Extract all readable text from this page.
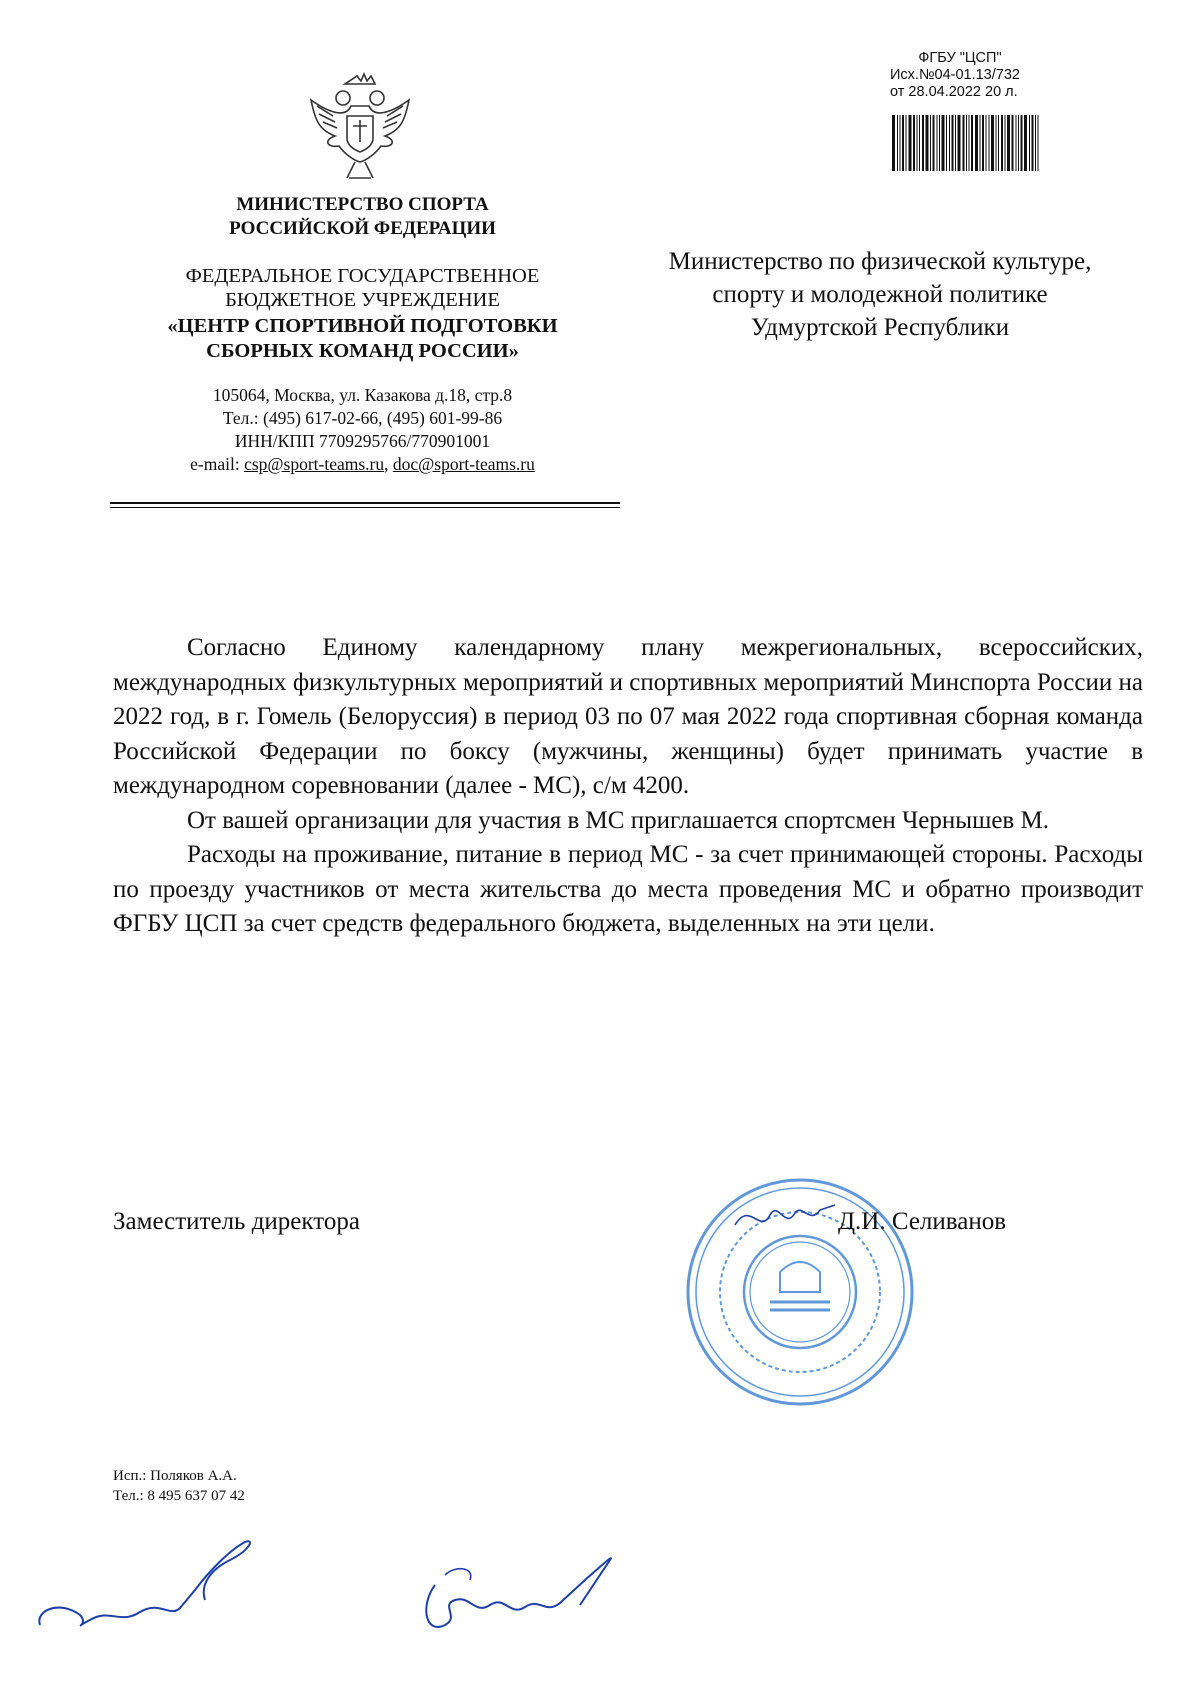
МИНИСТЕРСТВО СПОРТА
РОССИЙСКОЙ ФЕДЕРАЦИИ
ФЕДЕРАЛЬНОЕ ГОСУДАРСТВЕННОЕ
БЮДЖЕТНОЕ УЧРЕЖДЕНИЕ
«ЦЕНТР СПОРТИВНОЙ ПОДГОТОВКИ
СБОРНЫХ КОМАНД РОССИИ»
105064, Москва, ул. Казакова д.18, стр.8
Тел.: (495) 617-02-66, (495) 601-99-86
ИНН/КПП 7709295766/770901001
e-mail: csp@sport-teams.ru, doc@sport-teams.ru
ФГБУ "ЦСП"
Исх.№04-01.13/732
от 28.04.2022 20 л.
Министерство по физической культуре,
спорту и молодежной политике
Удмуртской Республики

Согласно Единому календарному плану межрегиональных, всероссийских, международных физкультурных мероприятий и спортивных мероприятий Минспорта России на 2022 год, в г. Гомель (Белоруссия) в период 03 по 07 мая 2022 года спортивная сборная команда Российской Федерации по боксу (мужчины, женщины) будет принимать участие в международном соревновании (далее - МС), с/м 4200.

От вашей организации для участия в МС приглашается спортсмен Чернышев М.

Расходы на проживание, питание в период МС - за счет принимающей стороны. Расходы по проезду участников от места жительства до места проведения МС и обратно производит ФГБУ ЦСП за счет средств федерального бюджета, выделенных на эти цели.

Заместитель директора	Д.И. Селиванов
Исп.: Поляков А.А.
Тел.: 8 495 637 07 42
